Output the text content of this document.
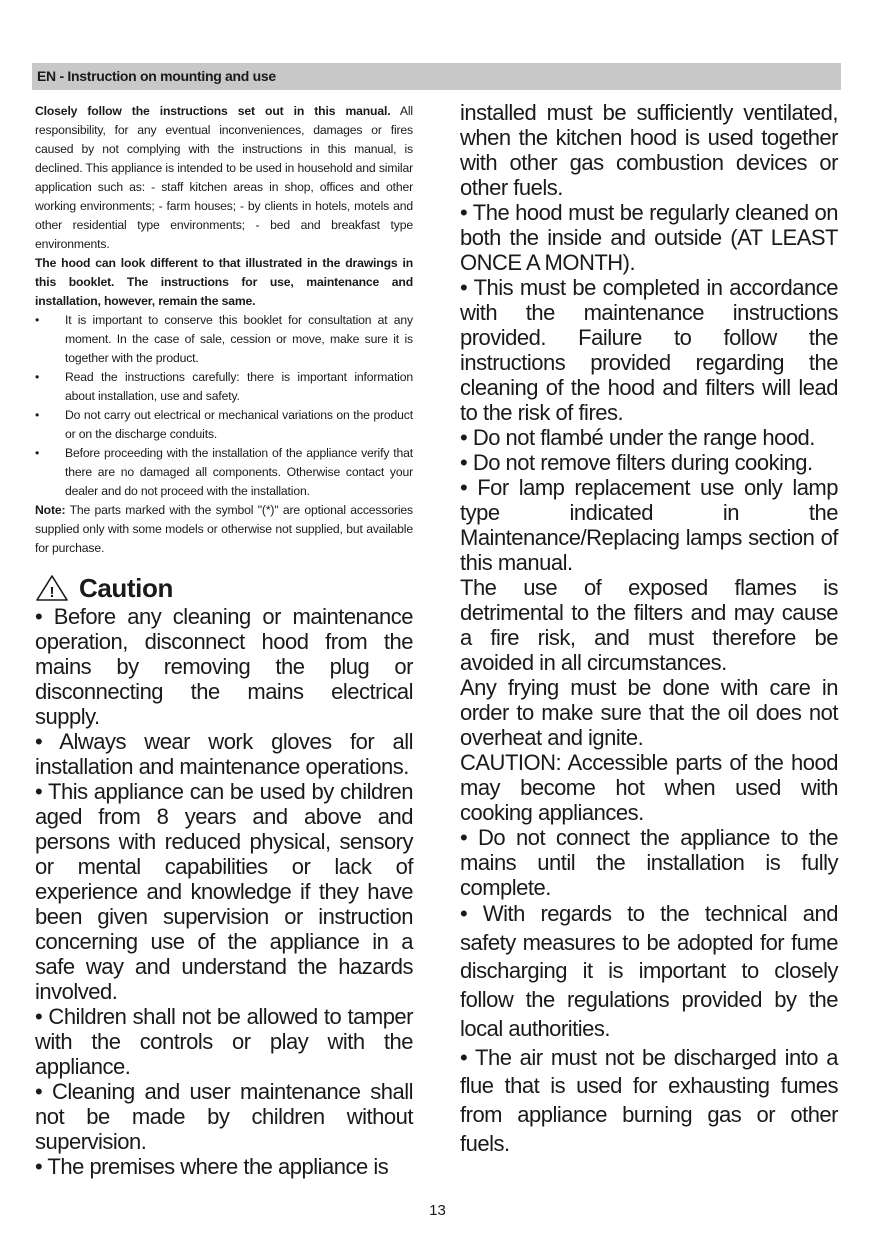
EN - Instruction on mounting and use

Closely follow the instructions set out in this manual. All responsibility, for any eventual inconveniences, damages or fires caused by not complying with the instructions in this manual, is declined. This appliance is intended to be used in household and similar application such as: - staff kitchen areas in shop, offices and other working environments; - farm houses; - by clients in hotels, motels and other residential type environments; - bed and breakfast type environments.

The hood can look different to that illustrated in the drawings in this booklet. The instructions for use, maintenance and installation, however, remain the same.

• It is important to conserve this booklet for consultation at any moment. In the case of sale, cession or move, make sure it is together with the product.
• Read the instructions carefully: there is important information about installation, use and safety.
• Do not carry out electrical or mechanical variations on the product or on the discharge conduits.
• Before proceeding with the installation of the appliance verify that there are no damaged all components. Otherwise contact your dealer and do not proceed with the installation.

Note: The parts marked with the symbol "(*)" are optional accessories supplied only with some models or otherwise not supplied, but available for purchase.

! Caution

• Before any cleaning or maintenance operation, disconnect hood from the mains by removing the plug or disconnecting the mains electrical supply.

• Always wear work gloves for all installation and maintenance operations.

• This appliance can be used by children aged from 8 years and above and persons with reduced physical, sensory or mental capabilities or lack of experience and knowledge if they have been given supervision or instruction concerning use of the appliance in a safe way and understand the hazards involved.

• Children shall not be allowed to tamper with the controls or play with the appliance.

• Cleaning and user maintenance shall not be made by children without supervision.

• The premises where the appliance is

installed must be sufficiently ventilated, when the kitchen hood is used together with other gas combustion devices or other fuels.

• The hood must be regularly cleaned on both the inside and outside (AT LEAST ONCE A MONTH).

• This must be completed in accordance with the maintenance instructions provided. Failure to follow the instructions provided regarding the cleaning of the hood and filters will lead to the risk of fires.

• Do not flambé under the range hood.

• Do not remove filters during cooking.

• For lamp replacement use only lamp type indicated in the Maintenance/Replacing lamps section of this manual.

The use of exposed flames is detrimental to the filters and may cause a fire risk, and must therefore be avoided in all circumstances.

Any frying must be done with care in order to make sure that the oil does not overheat and ignite.

CAUTION: Accessible parts of the hood may become hot when used with cooking appliances.

• Do not connect the appliance to the mains until the installation is fully complete.

• With regards to the technical and safety measures to be adopted for fume discharging it is important to closely follow the regulations provided by the local authorities.

• The air must not be discharged into a flue that is used for exhausting fumes from appliance burning gas or other fuels.

13
